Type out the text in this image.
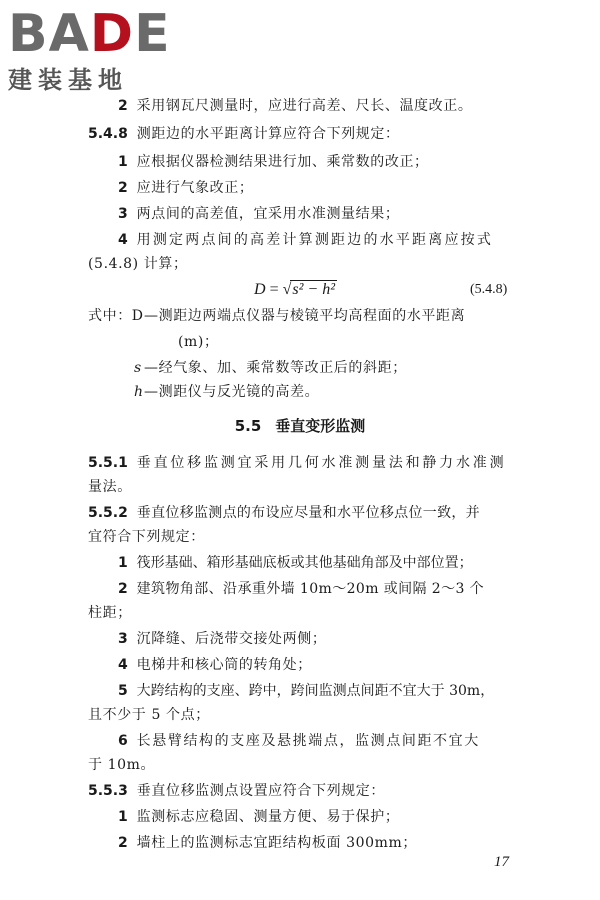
BADE
建装基地
2 采用钢瓦尺测量时，应进行高差、尺长、温度改正。
5.4.8 测距边的水平距离计算应符合下列规定：
1 应根据仪器检测结果进行加、乘常数的改正；
2 应进行气象改正；
3 两点间的高差值，宜采用水准测量结果；
4 用测定两点间的高差计算测距边的水平距离应按式
(5.4.8) 计算；
D = √s² − h²	(5.4.8)
式中：D—测距边两端点仪器与棱镜平均高程面的水平距离
(m)；
s —经气象、加、乘常数等改正后的斜距；
h—测距仪与反光镜的高差。
5.5 垂直变形监测
5.5.1 垂直位移监测宜采用几何水准测量法和静力水准测
量法。
5.5.2 垂直位移监测点的布设应尽量和水平位移点位一致，并
宜符合下列规定：
1 筏形基础、箱形基础底板或其他基础角部及中部位置；
2 建筑物角部、沿承重外墙 10m～20m 或间隔 2～3 个
柱距；
3 沉降缝、后浇带交接处两侧；
4 电梯井和核心筒的转角处；
5 大跨结构的支座、跨中，跨间监测点间距不宜大于 30m，
且不少于 5 个点；
6 长悬臂结构的支座及悬挑端点，监测点间距不宜大
于 10m。
5.5.3 垂直位移监测点设置应符合下列规定：
1 监测标志应稳固、测量方便、易于保护；
2 墙柱上的监测标志宜距结构板面 300mm；
17
